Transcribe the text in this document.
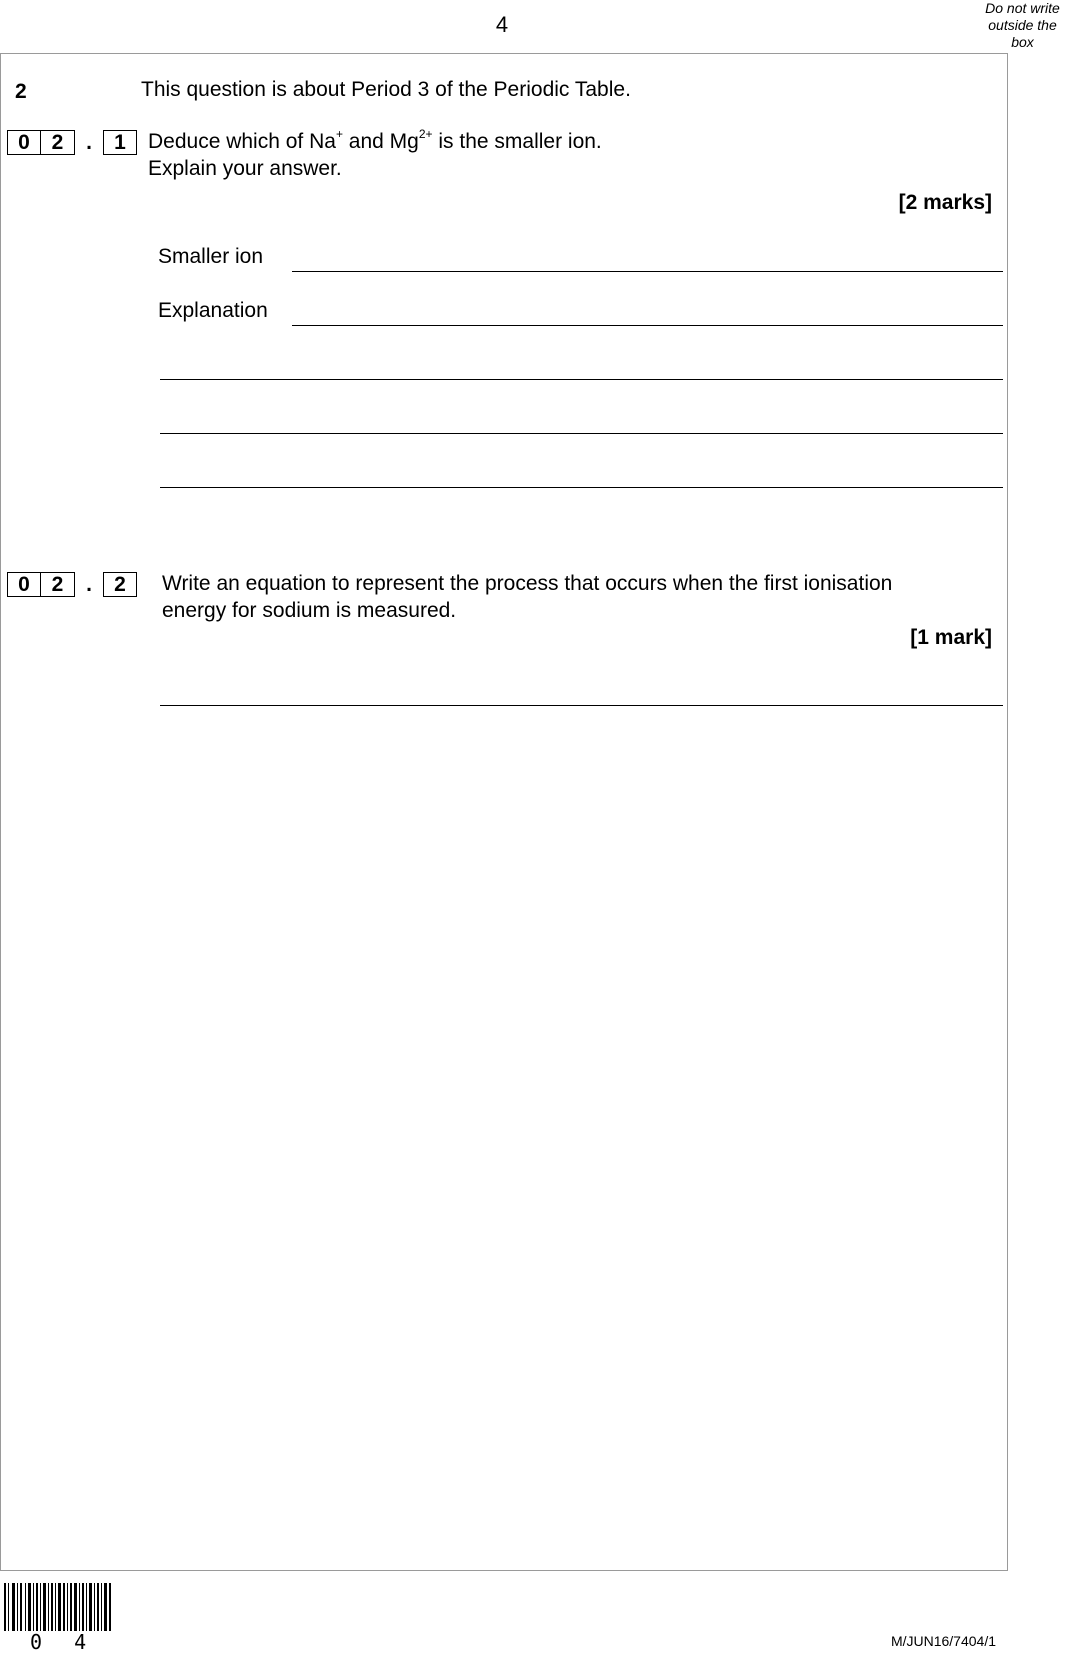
4
Do not write
outside the
box
2	This question is about Period 3 of the Periodic Table.
0	2	.	1	Deduce which of Na+ and $Mg^{2+}$ is the smaller ion.
Explain your answer.
[2 marks]
Smaller ion
Explanation
0	2	.	2	Write an equation to represent the process that occurs when the first ionisation
energy for sodium is measured.
[1 mark]
0 4	M/JUN16/7404/1
